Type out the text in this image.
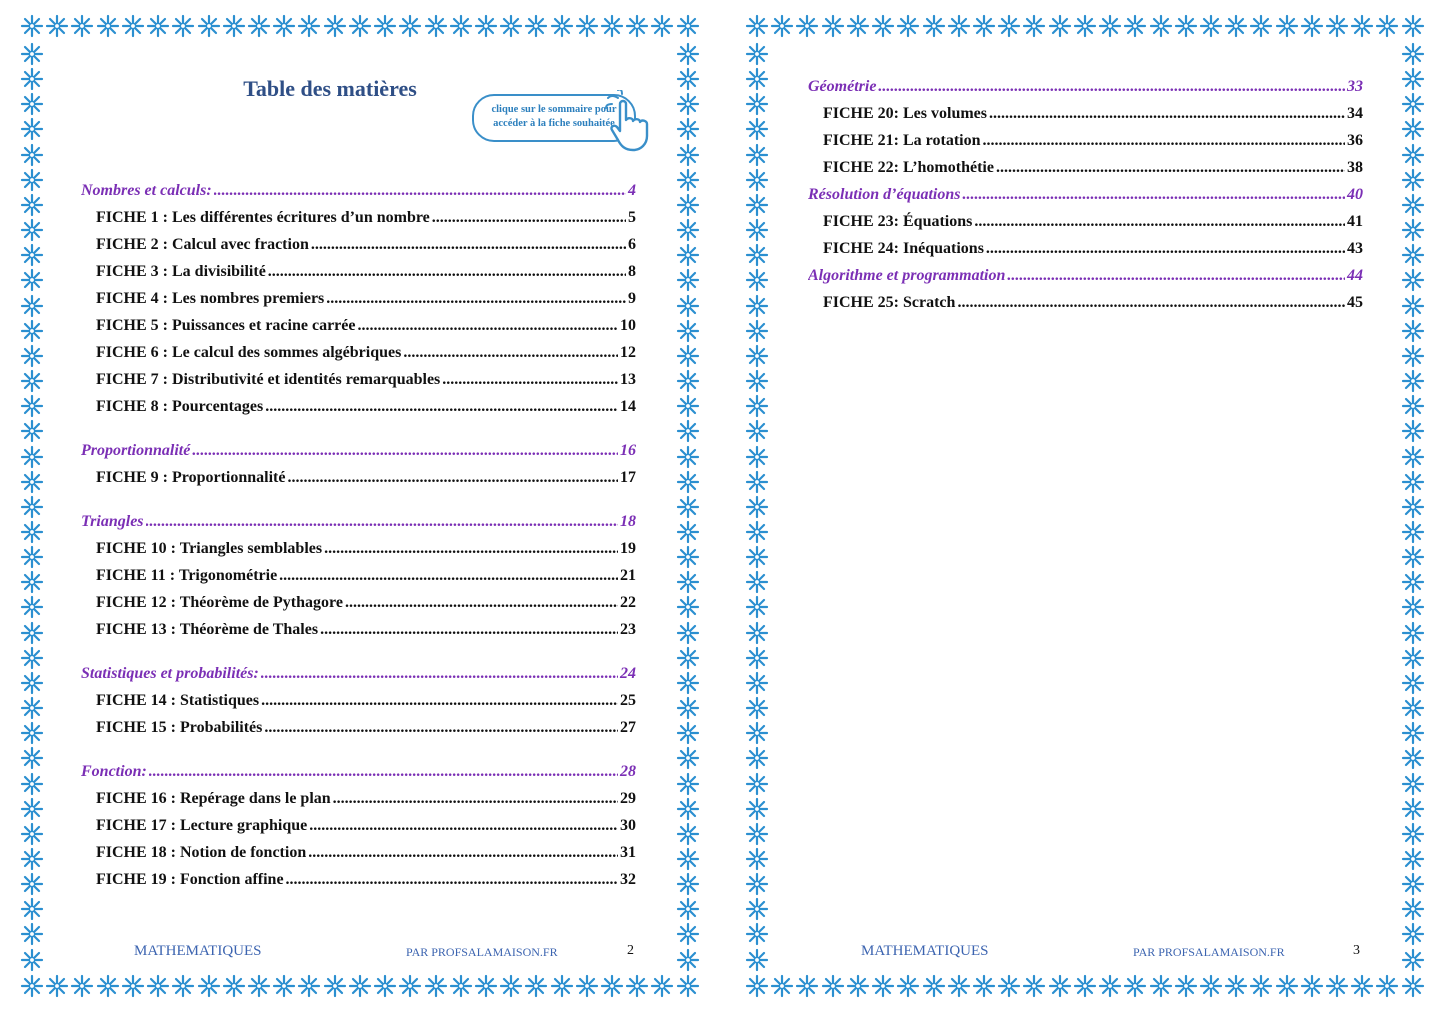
Table des matières
clique sur le sommaire pour
accéder à la fiche souhaitée
Nombres et calculs: .....	4
FICHE 1 : Les différentes écritures d’un nombre .....	5
FICHE 2 : Calcul avec fraction .....	6
FICHE 3 : La divisibilité .....	8
FICHE 4 : Les nombres premiers .....	9
FICHE 5 : Puissances et racine carrée .....	10
FICHE 6 : Le calcul des sommes algébriques .....	12
FICHE 7 : Distributivité et identités remarquables .....	13
FICHE 8 : Pourcentages .....	14
Proportionnalité .....	16
FICHE 9 : Proportionnalité .....	17
Triangles .....	18
FICHE 10 : Triangles semblables .....	19
FICHE 11 : Trigonométrie .....	21
FICHE 12 : Théorème de Pythagore .....	22
FICHE 13 : Théorème de Thales .....	23
Statistiques et probabilités: .....	24
FICHE 14 : Statistiques .....	25
FICHE 15 : Probabilités .....	27
Fonction: .....	28
FICHE 16 : Repérage dans le plan .....	29
FICHE 17 : Lecture graphique .....	30
FICHE 18 : Notion de fonction .....	31
FICHE 19 : Fonction affine .....	32
MATHEMATIQUES	PAR PROFSALAMAISON.FR	2
Géométrie .....	33
FICHE 20: Les volumes .....	34
FICHE 21: La rotation .....	36
FICHE 22: L’homothétie .....	38
Résolution d’équations .....	40
FICHE 23: Équations .....	41
FICHE 24: Inéquations .....	43
Algorithme et programmation .....	44
FICHE 25: Scratch .....	45
MATHEMATIQUES	PAR PROFSALAMAISON.FR	3
